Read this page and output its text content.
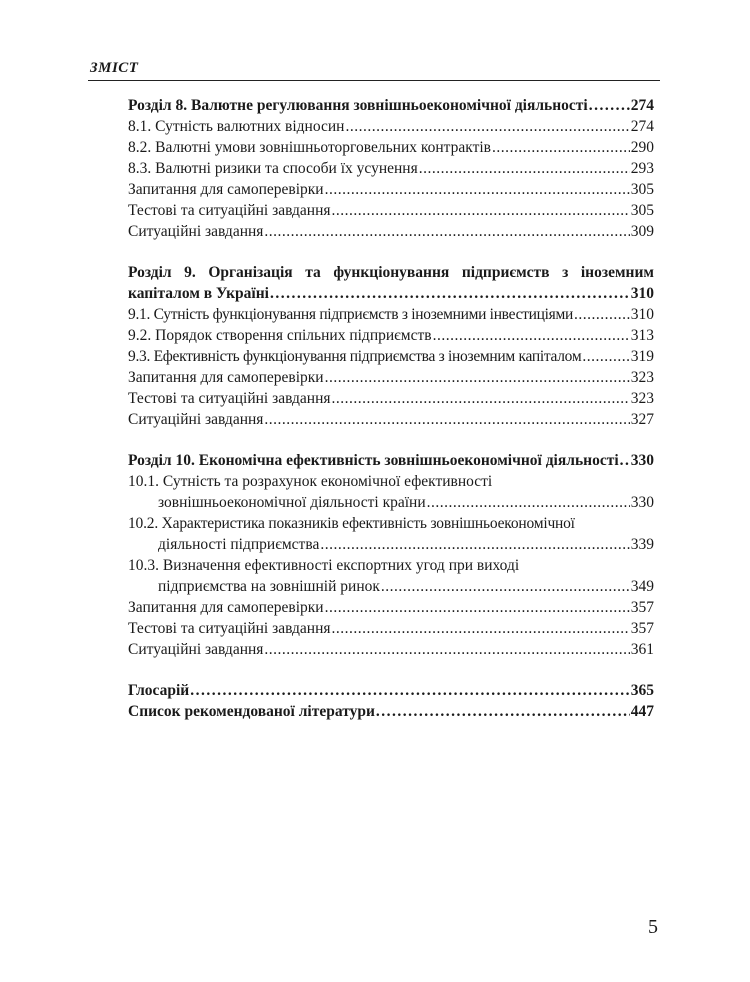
ЗМІСТ
Розділ 8. Валютне регулювання зовнішньоекономічної діяльності .....	274
8.1. Сутність валютних відносин .....	274
8.2. Валютні умови зовнішньоторговельних контрактів .....	290
8.3. Валютні ризики та способи їх усунення .....	293
Запитання для самоперевірки .....	305
Тестові та ситуаційні завдання .....	305
Ситуаційні завдання .....	309
Розділ 9. Організація та функціонування підприємств з іноземним
капіталом в Україні .....	310
9.1. Сутність функціонування підприємств з іноземними інвестиціями .....	310
9.2. Порядок створення спільних підприємств .....	313
9.3. Ефективність функціонування підприємства з іноземним капіталом .....	319
Запитання для самоперевірки .....	323
Тестові та ситуаційні завдання .....	323
Ситуаційні завдання .....	327
Розділ 10. Економічна ефективність зовнішньоекономічної діяльності ..... 330
10.1. Сутність та розрахунок економічної ефективності
зовнішньоекономічної діяльності країни .....	330
10.2. Характеристика показників ефективність зовнішньоекономічної
діяльності підприємства .....	339
10.3. Визначення ефективності експортних угод при виході
підприємства на зовнішній ринок .....	349
Запитання для самоперевірки .....	357
Тестові та ситуаційні завдання .....	357
Ситуаційні завдання .....	361
Глосарій .....	365
Список рекомендованої літератури .....	447
5
